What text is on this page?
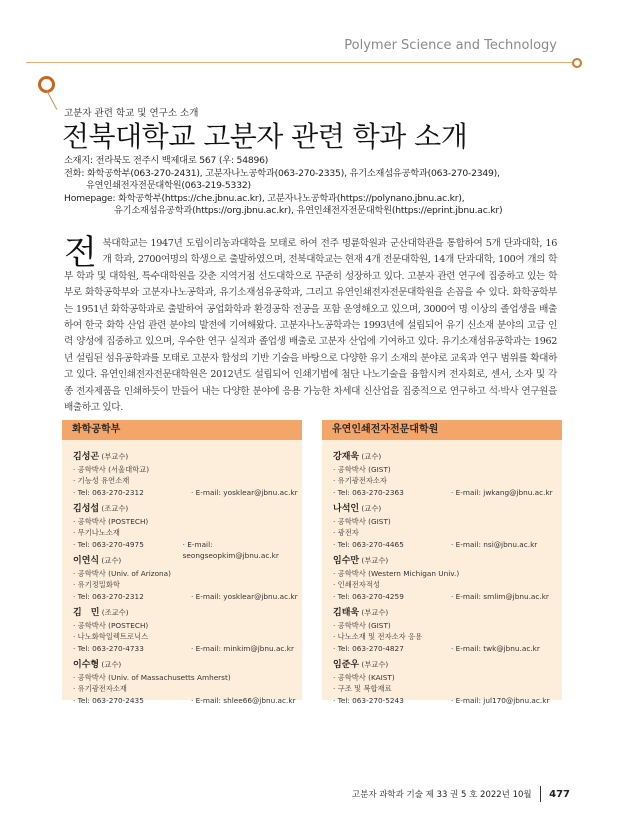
Polymer Science and Technology
고분자 관련 학교 및 연구소 소개
전북대학교 고분자 관련 학과 소개
소재지: 전라북도 전주시 백제대로 567 (우: 54896)
전화: 화학공학부(063-270-2431), 고분자나노공학과(063-270-2335), 유기소재섬유공학과(063-270-2349),
유연인쇄전자전문대학원(063-219-5332)
Homepage: 화학공학부(https://che.jbnu.ac.kr), 고분자나노공학과(https://polynano.jbnu.ac.kr),
유기소재섬유공학과(https://org.jbnu.ac.kr), 유연인쇄전자전문대학원(https://eprint.jbnu.ac.kr)
전북대학교는 1947년 도립이리농과대학을 모태로 하여 전주 명륜학원과 군산대학관을 통합하여 5개 단과대학, 16개 학과, 2700여명의 학생으로 출발하였으며, 전북대학교는 현재 4개 전문대학원, 14개 단과대학, 100여 개의 학부 학과 및 대학원, 특수대학원을 갖춘 지역거점 선도대학으로 꾸준히 성장하고 있다. 고분자 관련 연구에 집중하고 있는 학부로 화학공학부와 고분자나노공학과, 유기소재섬유공학과, 그리고 유연인쇄전자전문대학원을 손꼽을 수 있다. 화학공학부는 1951년 화학공학과로 출발하여 공업화학과 환경공학 전공을 포함 운영해오고 있으며, 3000여 명 이상의 졸업생을 배출하여 한국 화학 산업 관련 분야의 발전에 기여해왔다. 고분자나노공학과는 1993년에 설립되어 유기 신소재 분야의 고급 인력 양성에 집중하고 있으며, 우수한 연구 실적과 졸업생 배출로 고분자 산업에 기여하고 있다. 유기소재섬유공학과는 1962년 설립된 섬유공학과를 모태로 고분자 합성의 기반 기술을 바탕으로 다양한 유기 소재의 분야로 교육과 연구 범위를 확대하고 있다. 유연인쇄전자전문대학원은 2012년도 설립되어 인쇄기법에 첨단 나노기술을 융합시켜 전자회로, 센서, 소자 및 각종 전자제품을 인쇄하듯이 만들어 내는 다양한 분야에 응용 가능한 차세대 신산업을 집중적으로 연구하고 석·박사 연구원을 배출하고 있다.
화학공학부
김성곤 (부교수)
· 공학박사 (서울대학교)
· 기능성 유연소재
· Tel: 063-270-2312	· E-mail: yosklear@jbnu.ac.kr
김성섭 (조교수)
· 공학박사 (POSTECH)
· 무기나노소재
· Tel: 063-270-4975	· E-mail: seongseopkim@jbnu.ac.kr
이연식 (교수)
· 공학박사 (Univ. of Arizona)
· 유기정밀화학
· Tel: 063-270-2312	· E-mail: yosklear@jbnu.ac.kr
김　민 (조교수)
· 공학박사 (POSTECH)
· 나노화학일렉트로닉스
· Tel: 063-270-4733	· E-mail: minkim@jbnu.ac.kr
이수형 (교수)
· 공학박사 (Univ. of Massachusetts Amherst)
· 유기광전자소재
· Tel: 063-270-2435	· E-mail: shlee66@jbnu.ac.kr
유연인쇄전자전문대학원
강재욱 (교수)
· 공학박사 (GIST)
· 유기광전자소자
· Tel: 063-270-2363	· E-mail: jwkang@jbnu.ac.kr
나석인 (교수)
· 공학박사 (GIST)
· 광전자
· Tel: 063-270-4465	· E-mail: nsi@jbnu.ac.kr
임수만 (부교수)
· 공학박사 (Western Michigan Univ.)
· 인쇄전자적성
· Tel: 063-270-4259	· E-mail: smlim@jbnu.ac.kr
김태욱 (부교수)
· 공학박사 (GIST)
· 나노소재 및 전자소자 응용
· Tel: 063-270-4827	· E-mail: twk@jbnu.ac.kr
임준우 (부교수)
· 공학박사 (KAIST)
· 구조 및 복합재료
· Tel: 063-270-5243	· E-mail: jul170@jbnu.ac.kr
고분자 과학과 기술 제 33 권 5 호 2022년 10월 477
